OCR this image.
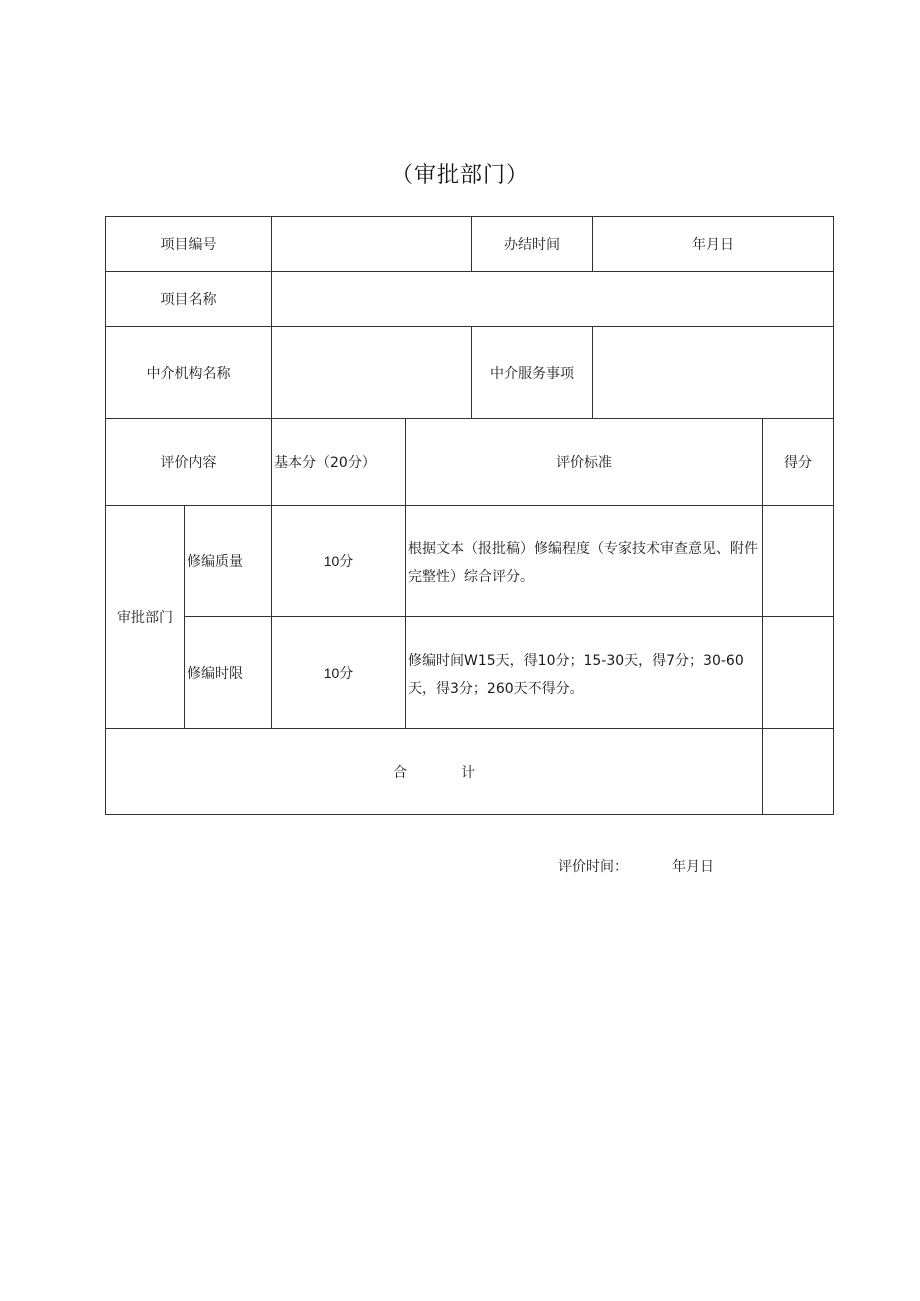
（审批部门）
项目编号				办结时间	年月日	
项目名称						
中介机构名称				中介服务事项		
评价内容		基本分（20分）	评价标准			得分
审批部门	修编质量	10分	根据文本（报批稿）修编程度（专家技术审查意见、附件完整性）综合评分。			
	修编时限	10分	修编时间W15天，得10分；15-30天，得7分；30-60天，得3分；260天不得分。			
合 计						
评价时间：	年月日
